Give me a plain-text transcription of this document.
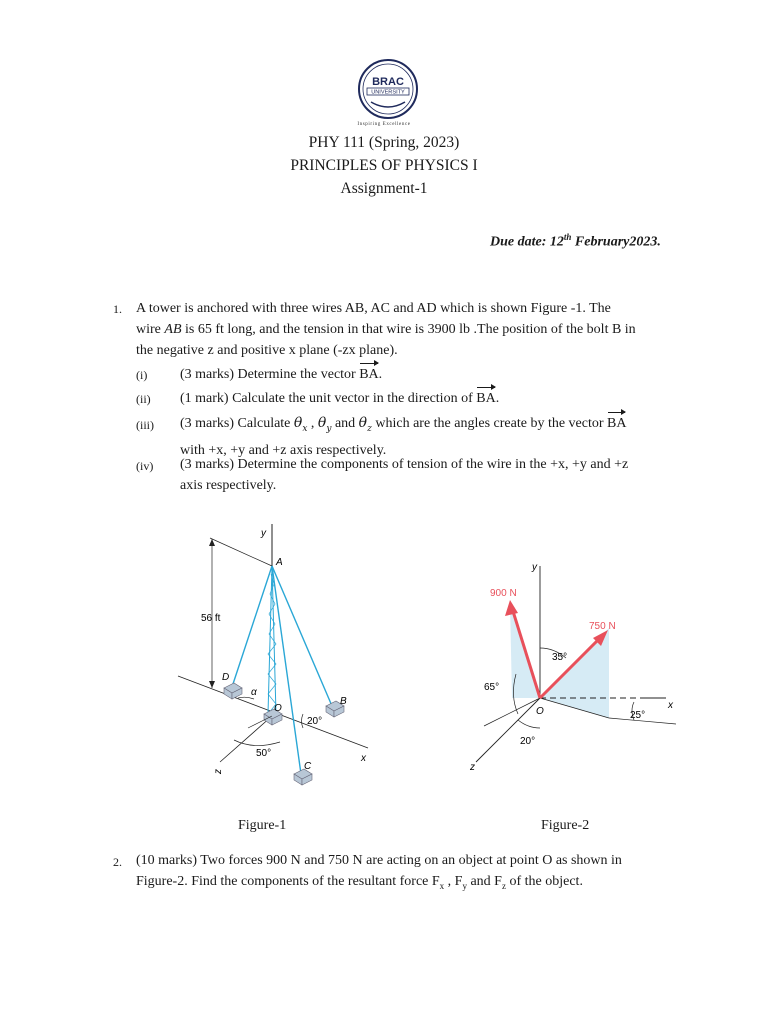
BRAC
UNIVERSITY
Inspiring Excellence
PHY 111 (Spring, 2023)
PRINCIPLES OF PHYSICS I
Assignment-1
Due date: 12th February2023.
1. A tower is anchored with three wires AB, AC and AD which is shown Figure -1. The
wire AB is 65 ft long, and the tension in that wire is 3900 lb .The position of the bolt B in
the negative z and positive x plane (-zx plane).
(i) (3 marks) Determine the vector BA.
(ii) (1 mark) Calculate the unit vector in the direction of BA.
(iii) (3 marks) Calculate $\theta_x$ , $\theta_y$ and $\theta_z$ which are the angles create by the vector BA
with +x, +y and +z axis respectively.
(iv) (3 marks) Determine the components of tension of the wire in the +x, +y and +z
axis respectively.
y
56 ft
z
x
50°
20°
α
A
D
O
B
C
y
x
z
900 N
750 N
35°
65°
25°
20°
O
Figure-1	Figure-2
2. (10 marks) Two forces 900 N and 750 N are acting on an object at point O as shown in
Figure-2. Find the components of the resultant force $F_x$ , $F_y$ and $F_z$ of the object.
